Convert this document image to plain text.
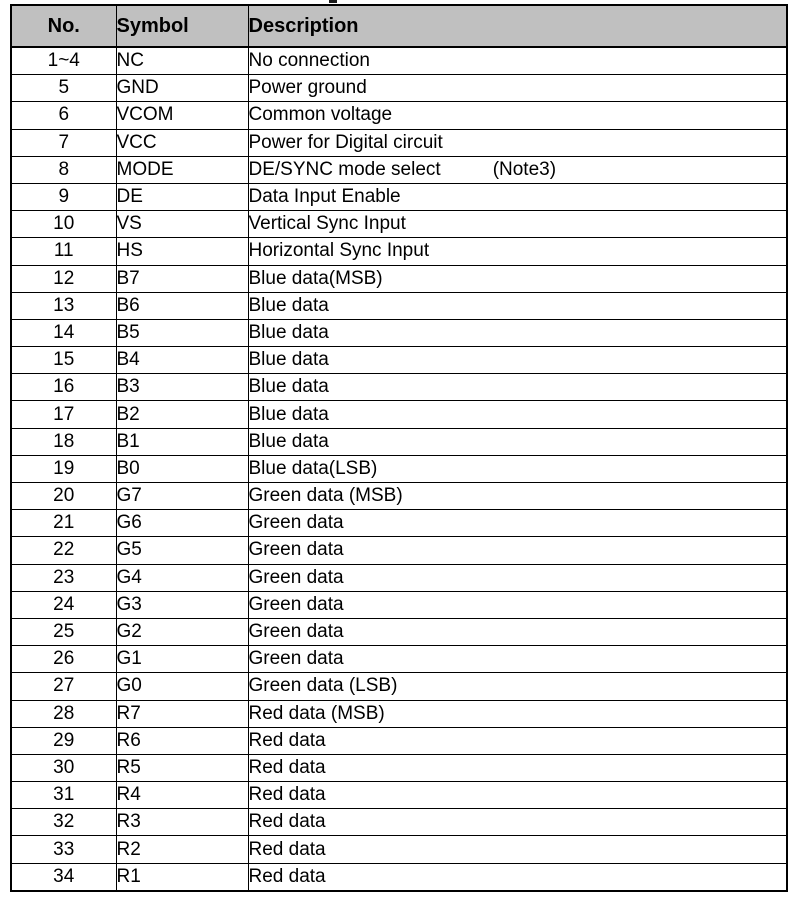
No.	Symbol	Description
1~4	NC	No connection
5	GND	Power ground
6	VCOM	Common voltage
7	VCC	Power for Digital circuit
8	MODE	DE/SYNC mode select (Note3)
9	DE	Data Input Enable
10	VS	Vertical Sync Input
11	HS	Horizontal Sync Input
12	B7	Blue data(MSB)
13	B6	Blue data
14	B5	Blue data
15	B4	Blue data
16	B3	Blue data
17	B2	Blue data
18	B1	Blue data
19	B0	Blue data(LSB)
20	G7	Green data (MSB)
21	G6	Green data
22	G5	Green data
23	G4	Green data
24	G3	Green data
25	G2	Green data
26	G1	Green data
27	G0	Green data (LSB)
28	R7	Red data (MSB)
29	R6	Red data
30	R5	Red data
31	R4	Red data
32	R3	Red data
33	R2	Red data
34	R1	Red data
